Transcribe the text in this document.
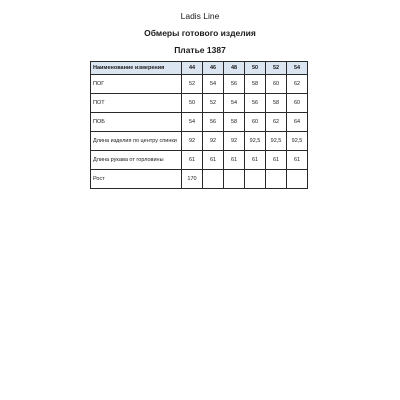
Ladis Line
Обмеры готового изделия
Платье 1387
Наименование измерения	44	46	48	50	52	54
ПОГ	52	54	56	58	60	62
ПОТ	50	52	54	56	58	60
ПОБ	54	56	58	60	62	64
Длина изделия по центру спинки	92	92	92	92,5	92,5	92,5
Длина рукава от горловины	61	61	61	61	61	61
Рост	170					
